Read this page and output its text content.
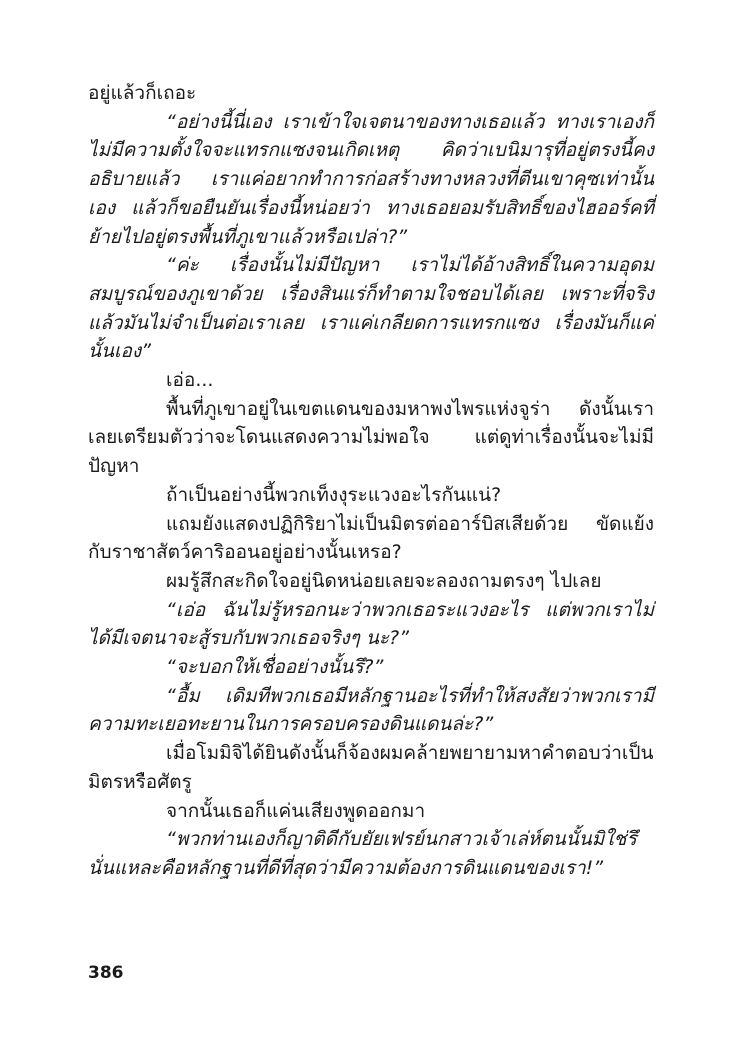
อยู่แล้วก็เถอะ

“อย่างนี้นี่เอง เราเข้าใจเจตนาของทางเธอแล้ว ทางเราเองก็ไม่มีความตั้งใจจะแทรกแซงจนเกิดเหตุ คิดว่าเบนิมารุที่อยู่ตรงนี้คงอธิบายแล้ว เราแค่อยากทำการก่อสร้างทางหลวงที่ตีนเขาคุซเท่านั้นเอง แล้วก็ขอยืนยันเรื่องนี้หน่อยว่า ทางเธอยอมรับสิทธิ์ของไฮออร์คที่ย้ายไปอยู่ตรงพื้นที่ภูเขาแล้วหรือเปล่า?”

“ค่ะ เรื่องนั้นไม่มีปัญหา เราไม่ได้อ้างสิทธิ์ในความอุดมสมบูรณ์ของภูเขาด้วย เรื่องสินแร่ก็ทำตามใจชอบได้เลย เพราะที่จริงแล้วมันไม่จำเป็นต่อเราเลย เราแค่เกลียดการแทรกแซง เรื่องมันก็แค่นั้นเอง”

เอ่อ...

พื้นที่ภูเขาอยู่ในเขตแดนของมหาพงไพรแห่งจูร่า ดังนั้นเราเลยเตรียมตัวว่าจะโดนแสดงความไม่พอใจ แต่ดูท่าเรื่องนั้นจะไม่มีปัญหา

ถ้าเป็นอย่างนี้พวกเท็งงุระแวงอะไรกันแน่?

แถมยังแสดงปฏิกิริยาไม่เป็นมิตรต่ออาร์บิสเสียด้วย ขัดแย้งกับราชาสัตว์คาริออนอยู่อย่างนั้นเหรอ?

ผมรู้สึกสะกิดใจอยู่นิดหน่อยเลยจะลองถามตรงๆ ไปเลย

“เอ่อ ฉันไม่รู้หรอกนะว่าพวกเธอระแวงอะไร แต่พวกเราไม่ได้มีเจตนาจะสู้รบกับพวกเธอจริงๆ นะ?”

“จะบอกให้เชื่ออย่างนั้นรึ?”

“อื้ม เดิมทีพวกเธอมีหลักฐานอะไรที่ทำให้สงสัยว่าพวกเรามีความทะเยอทะยานในการครอบครองดินแดนล่ะ?”

เมื่อโมมิจิได้ยินดังนั้นก็จ้องผมคล้ายพยายามหาคำตอบว่าเป็นมิตรหรือศัตรู

จากนั้นเธอก็แค่นเสียงพูดออกมา

“พวกท่านเองก็ญาติดีกับยัยเฟรย์นกสาวเจ้าเล่ห์ตนนั้นมิใช่รึ นั่นแหละคือหลักฐานที่ดีที่สุดว่ามีความต้องการดินแดนของเรา!”

386
